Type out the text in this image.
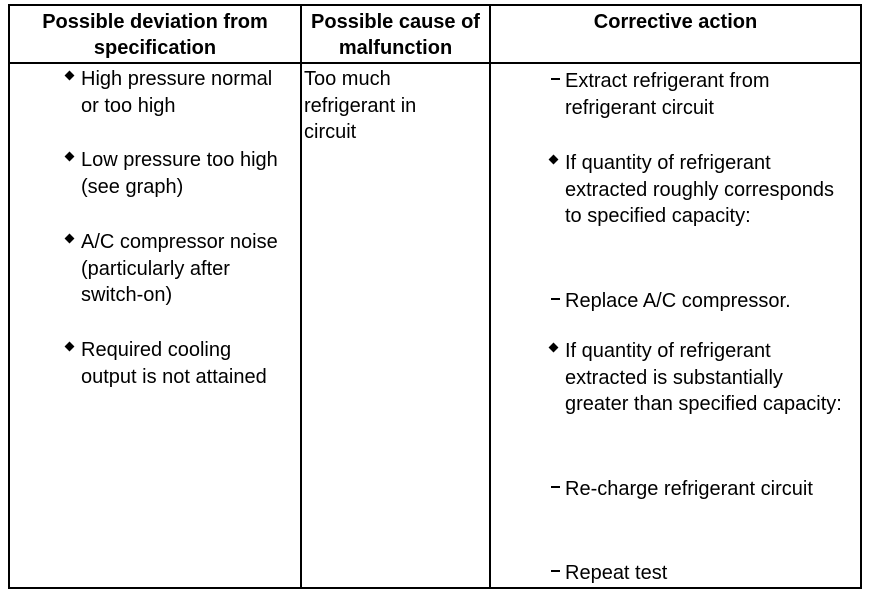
Possible deviation from specification
Possible cause of malfunction
Corrective action
High pressure normal or too high
Low pressure too high (see graph)
A/C compressor noise (particularly after switch-on)
Required cooling output is not attained
Too much refrigerant in circuit
Extract refrigerant from refrigerant circuit
If quantity of refrigerant extracted roughly corresponds to specified capacity:
Replace A/C compressor.
If quantity of refrigerant extracted is substantially greater than specified capacity:
Re-charge refrigerant circuit
Repeat test
